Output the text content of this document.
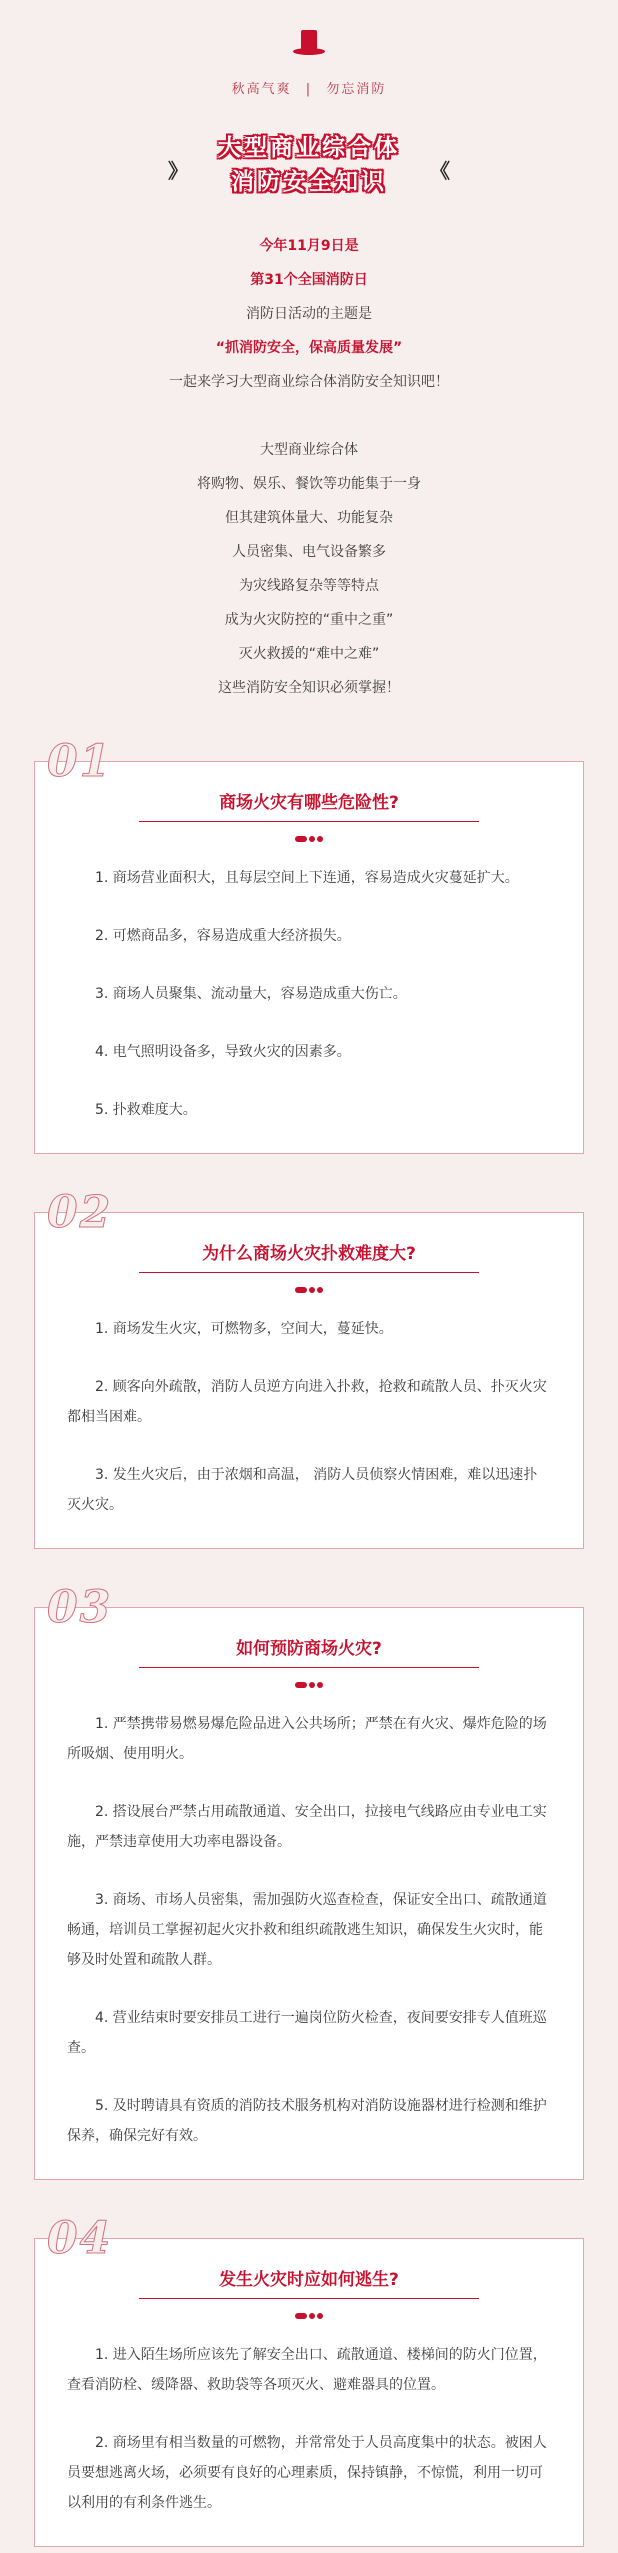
秋高气爽 | 勿忘消防
》
大型商业综合体
消防安全知识 《
今年11月9日是
第31个全国消防日
消防日活动的主题是
“抓消防安全，保高质量发展”
一起来学习大型商业综合体消防安全知识吧！
大型商业综合体
将购物、娱乐、餐饮等功能集于一身
但其建筑体量大、功能复杂
人员密集、电气设备繁多
为灾线路复杂等等特点
成为火灾防控的“重中之重”
灭火救援的“难中之难”
这些消防安全知识必须掌握！
01
商场火灾有哪些危险性?

1. 商场营业面积大，且每层空间上下连通，容易造成火灾蔓延扩大。

2. 可燃商品多，容易造成重大经济损失。

3. 商场人员聚集、流动量大，容易造成重大伤亡。

4. 电气照明设备多，导致火灾的因素多。

5. 扑救难度大。

02
为什么商场火灾扑救难度大?

1. 商场发生火灾，可燃物多，空间大，蔓延快。

2. 顾客向外疏散，消防人员逆方向进入扑救，抢救和疏散人员、扑灭火灾都相当困难。

3. 发生火灾后，由于浓烟和高温， 消防人员侦察火情困难，难以迅速扑灭火灾。

03
如何预防商场火灾?

1. 严禁携带易燃易爆危险品进入公共场所；严禁在有火灾、爆炸危险的场所吸烟、使用明火。

2. 搭设展台严禁占用疏散通道、安全出口，拉接电气线路应由专业电工实施，严禁违章使用大功率电器设备。

3. 商场、市场人员密集，需加强防火巡查检查，保证安全出口、疏散通道畅通，培训员工掌握初起火灾扑救和组织疏散逃生知识，确保发生火灾时，能够及时处置和疏散人群。

4. 营业结束时要安排员工进行一遍岗位防火检查，夜间要安排专人值班巡查。

5. 及时聘请具有资质的消防技术服务机构对消防设施器材进行检测和维护保养，确保完好有效。

04
发生火灾时应如何逃生?

1. 进入陌生场所应该先了解安全出口、疏散通道、楼梯间的防火门位置，查看消防栓、缓降器、救助袋等各项灭火、避难器具的位置。

2. 商场里有相当数量的可燃物，并常常处于人员高度集中的状态。被困人员要想逃离火场，必须要有良好的心理素质，保持镇静，不惊慌，利用一切可以利用的有利条件逃生。
